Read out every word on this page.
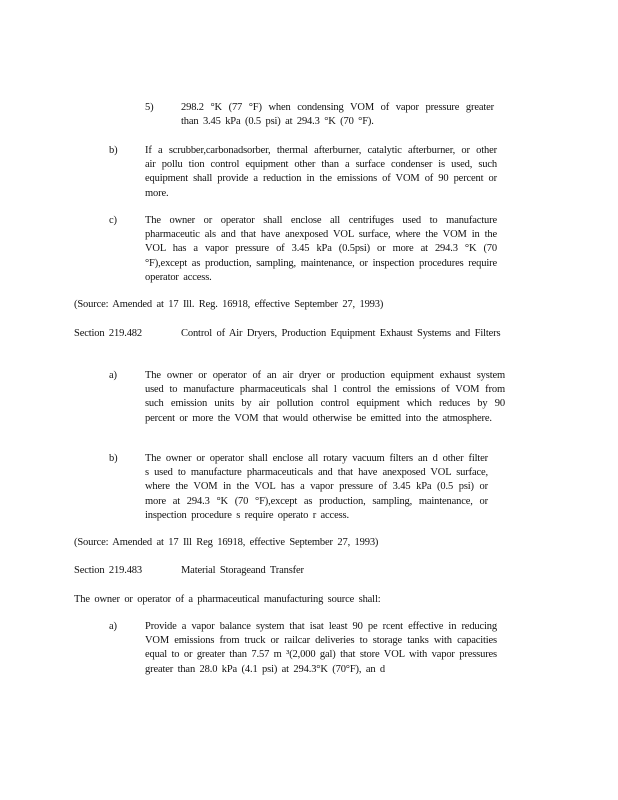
5)	298.2 °K (77 °F) when condensing VOM of vapor pressure greater than 3.45 kPa (0.5 psi) at 294.3 °K (70 °F).
b)	If a scrubber,carbonadsorber, thermal afterburner, catalytic afterburner, or other air pollu tion control equipment other than a surface condenser is used, such equipment shall provide a reduction in the emissions of VOM of 90 percent or more.
c)	The owner or operator shall enclose all centrifuges used to manufacture pharmaceutic als and that have anexposed VOL surface, where the VOM in the VOL has a vapor pressure of 3.45 kPa (0.5psi) or more at 294.3 °K (70 °F),except as production, sampling, maintenance, or inspection procedures require operator access.
(Source: Amended at 17 Ill. Reg. 16918, effective September 27, 1993)
Section 219.482	Control of Air Dryers, Production Equipment Exhaust Systems and Filters
a)	The owner or operator of an air dryer or production equipment exhaust system used to manufacture pharmaceuticals shal l control the emissions of VOM from such emission units by air pollution control equipment which reduces by 90 percent or more the VOM that would otherwise be emitted into the atmosphere.
b)	The owner or operator shall enclose all rotary vacuum filters an d other filter s used to manufacture pharmaceuticals and that have anexposed VOL surface, where the VOM in the VOL has a vapor pressure of 3.45 kPa (0.5 psi) or more at 294.3 °K (70 °F),except as production, sampling, maintenance, or inspection procedure s require operato r access.
(Source: Amended at 17 Ill Reg 16918, effective September 27, 1993)
Section 219.483	Material Storageand Transfer
The owner or operator of a pharmaceutical manufacturing source shall:
a)	Provide a vapor balance system that isat least 90 pe rcent effective in reducing VOM emissions from truck or railcar deliveries to storage tanks with capacities equal to or greater than 7.57 m ³(2,000 gal) that store VOL with vapor pressures greater than 28.0 kPa (4.1 psi) at 294.3°K (70°F), an d
